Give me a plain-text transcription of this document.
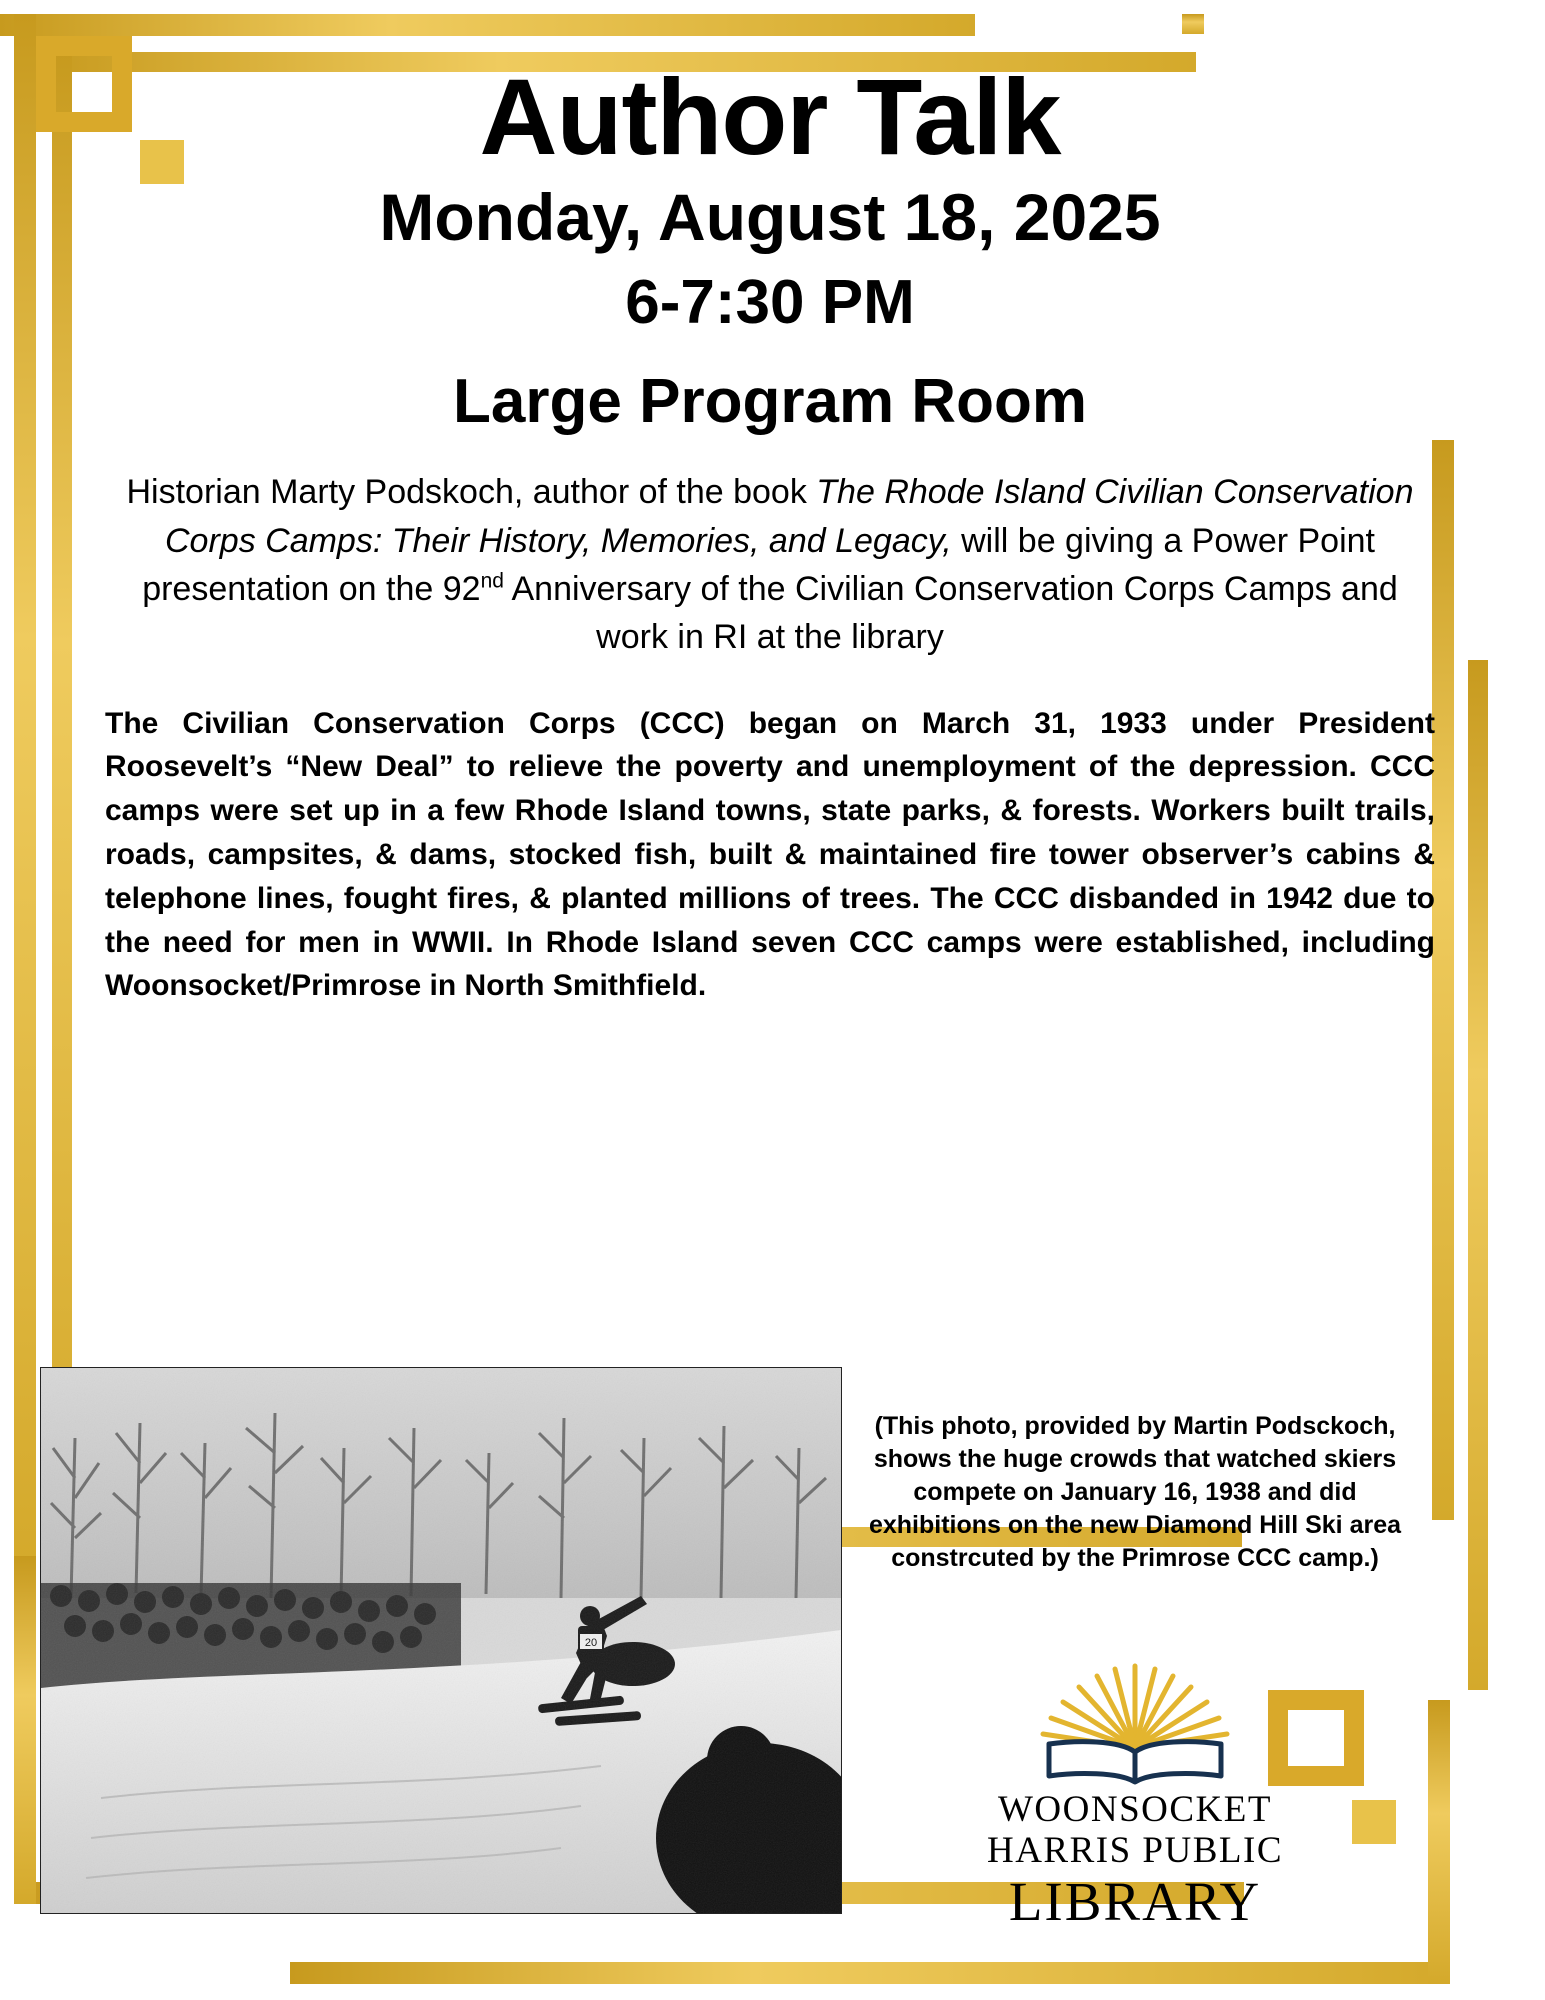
Author Talk
Monday, August 18, 2025
6-7:30 PM
Large Program Room

Historian Marty Podskoch, author of the book The Rhode Island Civilian Conservation Corps Camps: Their History, Memories, and Legacy, will be giving a Power Point presentation on the 92nd Anniversary of the Civilian Conservation Corps Camps and work in RI at the library

The Civilian Conservation Corps (CCC) began on March 31, 1933 under President Roosevelt’s “New Deal” to relieve the poverty and unemployment of the depression. CCC camps were set up in a few Rhode Island towns, state parks, & forests. Workers built trails, roads, campsites, & dams, stocked fish, built & maintained fire tower observer’s cabins & telephone lines, fought fires, & planted millions of trees. The CCC disbanded in 1942 due to the need for men in WWII. In Rhode Island seven CCC camps were established, including Woonsocket/Primrose in North Smithfield.

(This photo, provided by Martin Podsckoch, shows the huge crowds that watched skiers compete on January 16, 1938 and did exhibitions on the new Diamond Hill Ski area constrcuted by the Primrose CCC camp.)
WOONSOCKET
HARRIS PUBLIC
LIBRARY
